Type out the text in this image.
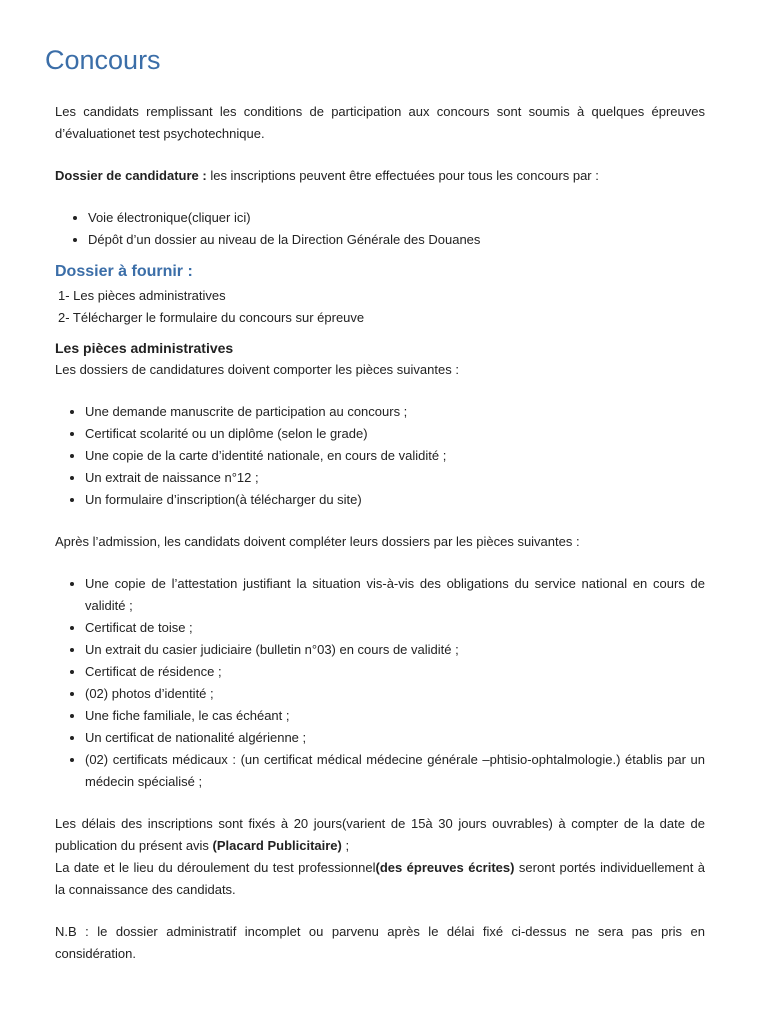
Concours

Les candidats remplissant les conditions de participation aux concours sont soumis à quelques épreuves d’évaluationet test psychotechnique.

Dossier de candidature : les inscriptions peuvent être effectuées pour tous les concours par :

• Voie électronique(cliquer ici)
• Dépôt d’un dossier au niveau de la Direction Générale des Douanes
Dossier à fournir :

1- Les pièces administratives

2- Télécharger le formulaire du concours sur épreuve

Les pièces administratives

Les dossiers de candidatures doivent comporter les pièces suivantes :

• Une demande manuscrite de participation au concours ;
• Certificat scolarité ou un diplôme (selon le grade)
• Une copie de la carte d’identité nationale, en cours de validité ;
• Un extrait de naissance n°12 ;
• Un formulaire d’inscription(à télécharger du site)

Après l’admission, les candidats doivent compléter leurs dossiers par les pièces suivantes :

• Une copie de l’attestation justifiant la situation vis-à-vis des obligations du service national en cours de validité ;
• Certificat de toise ;
• Un extrait du casier judiciaire (bulletin n°03) en cours de validité ;
• Certificat de résidence ;
• (02) photos d’identité ;
• Une fiche familiale, le cas échéant ;
• Un certificat de nationalité algérienne ;
• (02) certificats médicaux : (un certificat médical médecine générale –phtisio-ophtalmologie.) établis par un médecin spécialisé ;

Les délais des inscriptions sont fixés à 20 jours(varient de 15à 30 jours ouvrables) à compter de la date de publication du présent avis (Placard Publicitaire) ;

La date et le lieu du déroulement du test professionnel(des épreuves écrites) seront portés individuellement à la connaissance des candidats.

N.B : le dossier administratif incomplet ou parvenu après le délai fixé ci-dessus ne sera pas pris en considération.
